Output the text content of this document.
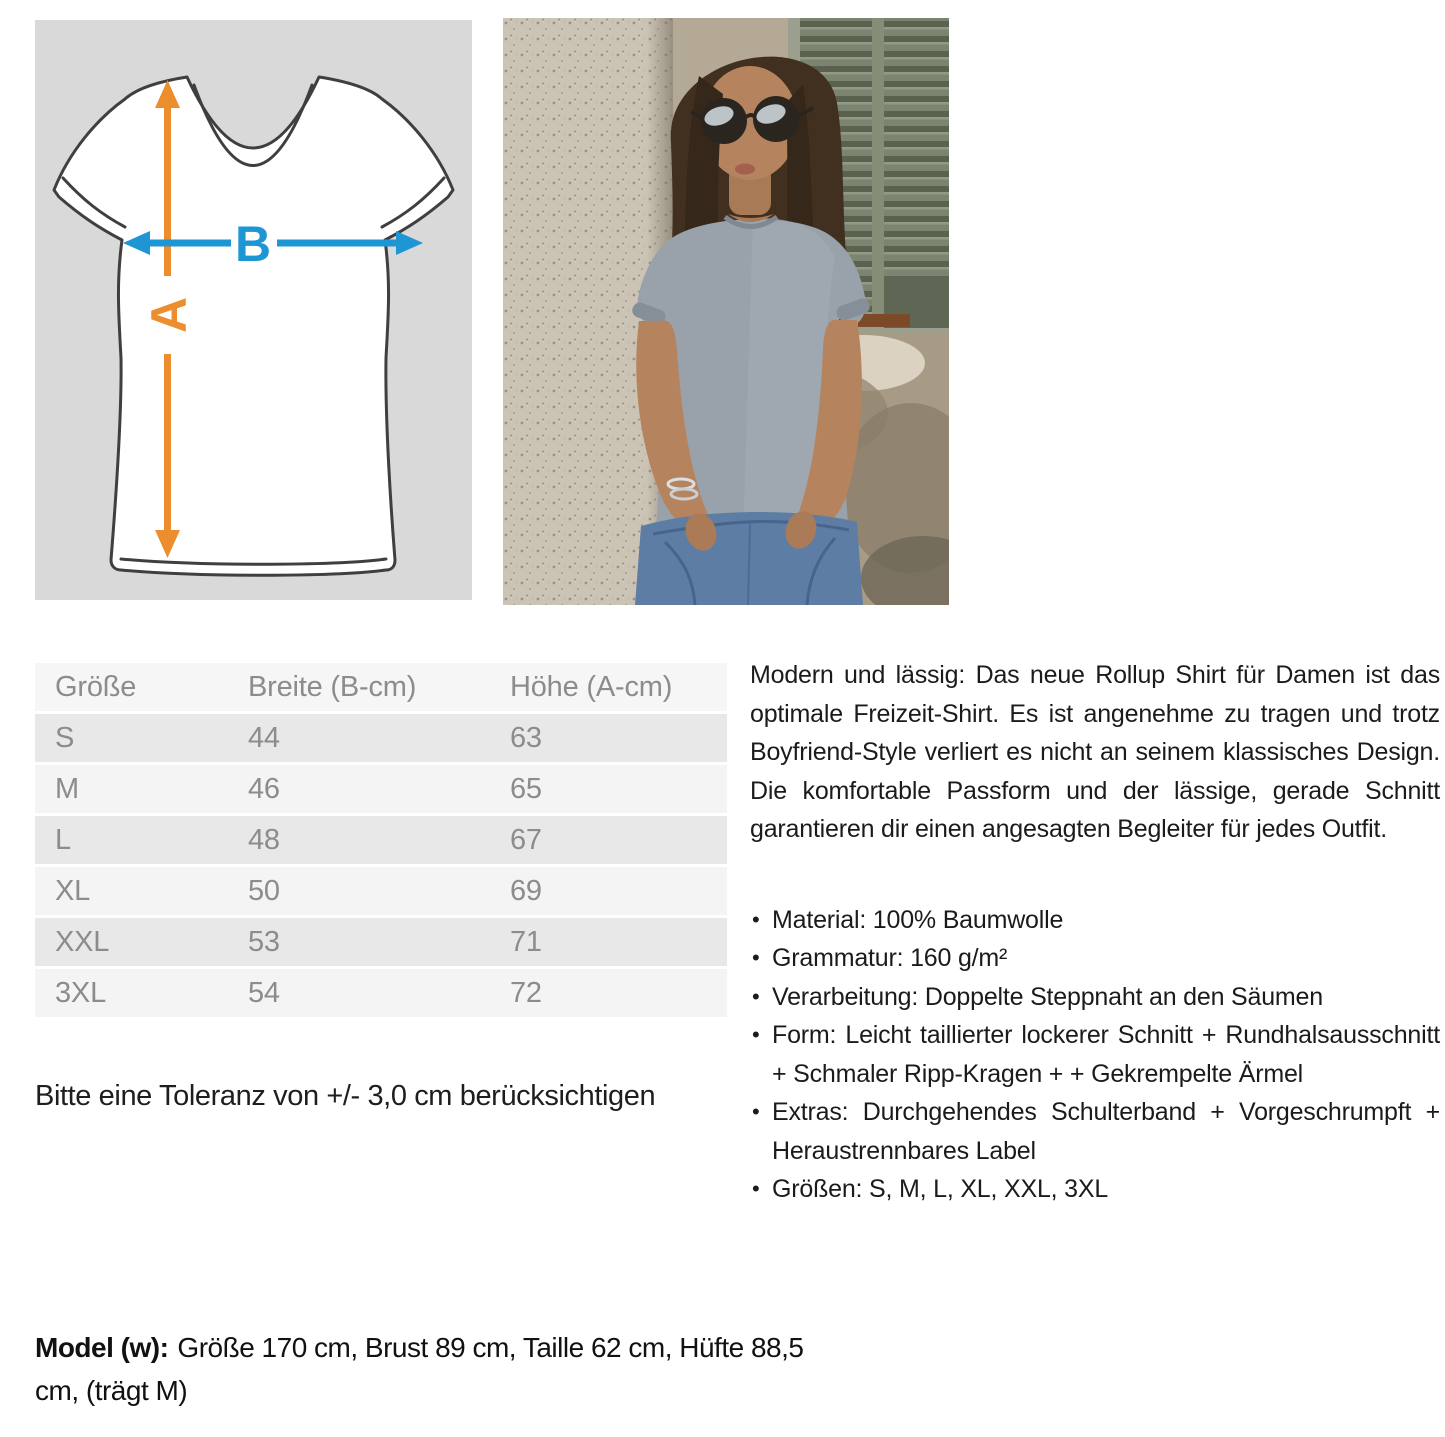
A
B
Größe	Breite (B-cm)	Höhe (A-cm)
S	44	63
M	46	65
L	48	67
XL	50	69
XXL	53	71
3XL	54	72
Bitte eine Toleranz von +/- 3,0 cm berücksichtigen

Modern und lässig: Das neue Rollup Shirt für Damen ist das optimale Freizeit-Shirt. Es ist angenehme zu tragen und trotz Boyfriend-Style verliert es nicht an seinem klassisches Design. Die komfortable Passform und der lässige, gerade Schnitt garantieren dir einen angesagten Begleiter für jedes Outfit.

• Material: 100% Baumwolle
• Grammatur: 160 g/m²
• Verarbeitung: Doppelte Steppnaht an den Säumen
• Form: Leicht taillierter lockerer Schnitt + Rundhalsausschnitt + Schmaler Ripp-Kragen + + Gekrempelte Ärmel
• Extras: Durchgehendes Schulterband + Vorgeschrumpft + Heraustrennbares Label
• Größen: S, M, L, XL, XXL, 3XL
Model (w): Größe 170 cm, Brust 89 cm, Taille 62 cm, Hüfte 88,5 cm, (trägt M)
